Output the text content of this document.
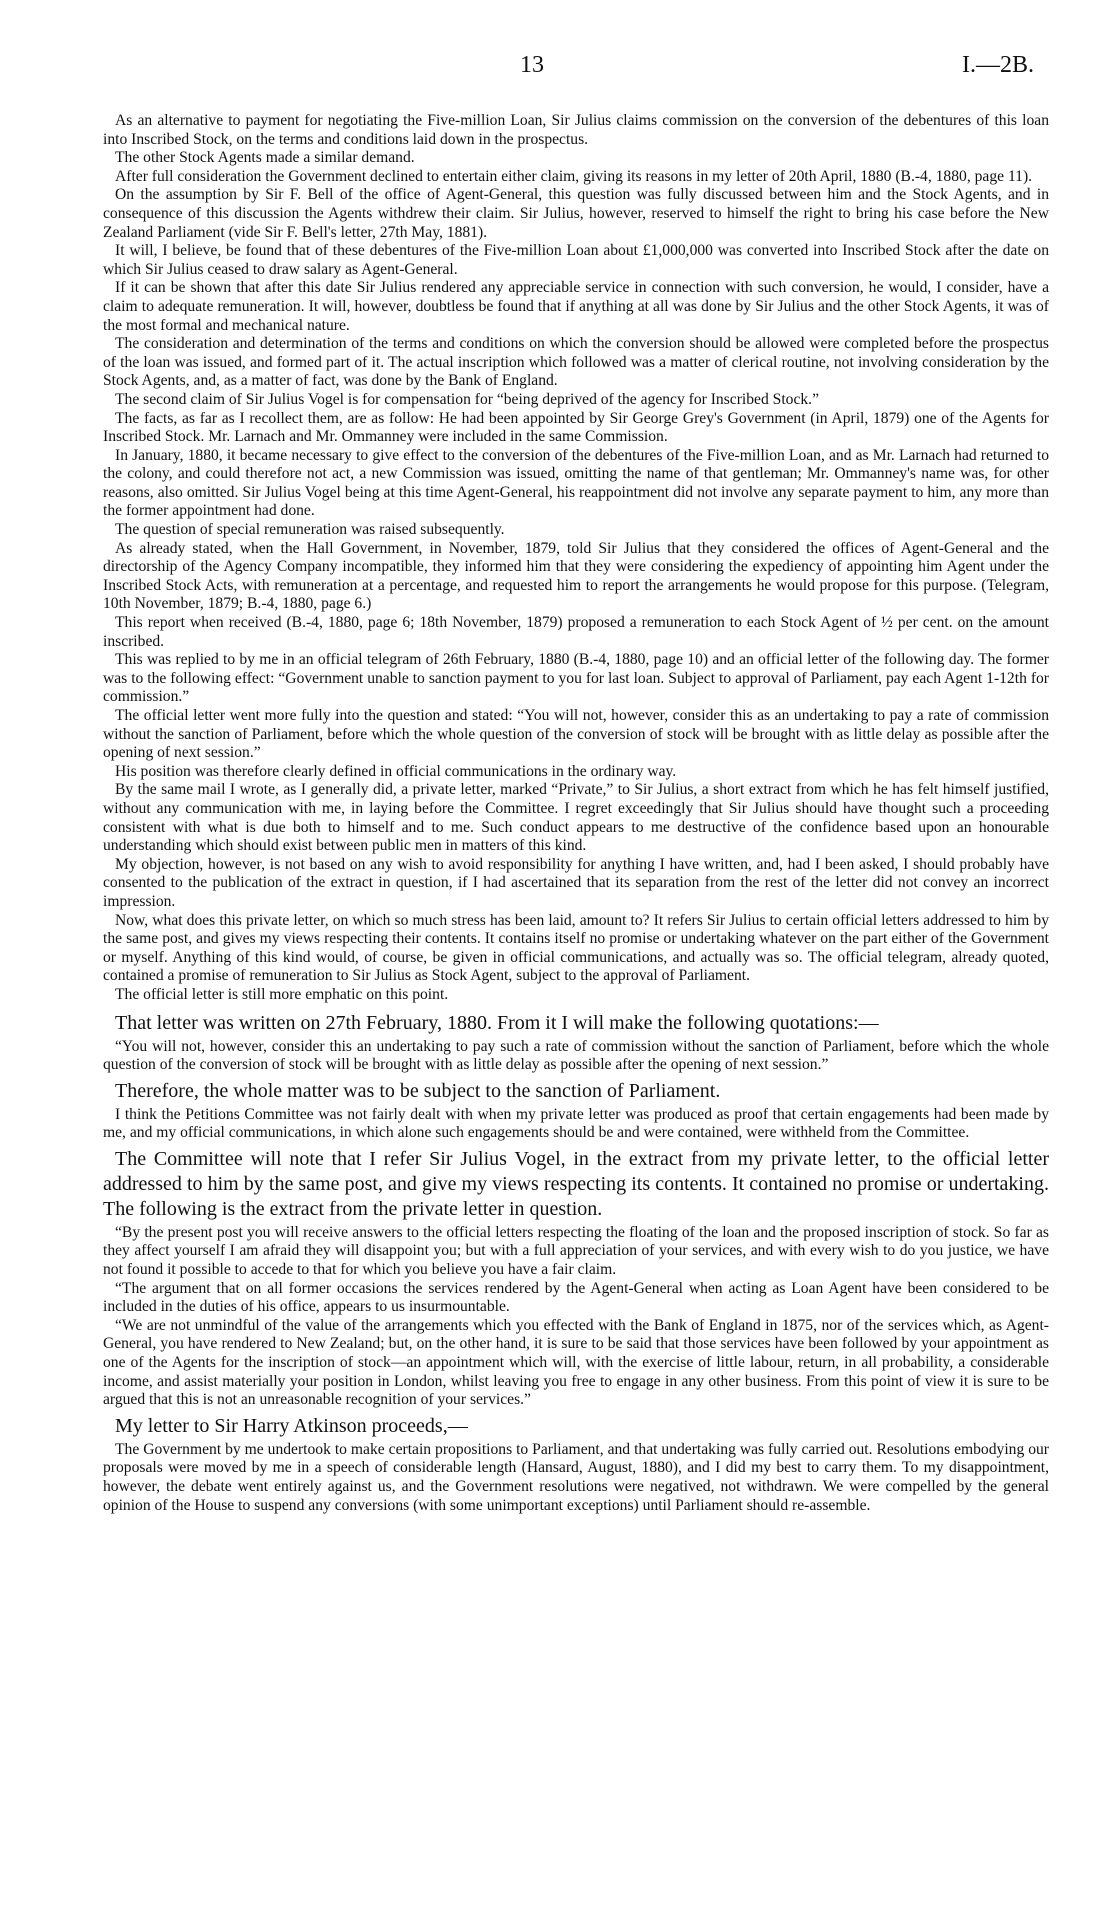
13	I.—2B.

As an alternative to payment for negotiating the Five-million Loan, Sir Julius claims commission on the conversion of the debentures of this loan into Inscribed Stock, on the terms and conditions laid down in the prospectus.

The other Stock Agents made a similar demand.

After full consideration the Government declined to entertain either claim, giving its reasons in my letter of 20th April, 1880 (B.-4, 1880, page 11).

On the assumption by Sir F. Bell of the office of Agent-General, this question was fully discussed between him and the Stock Agents, and in consequence of this discussion the Agents withdrew their claim. Sir Julius, however, reserved to himself the right to bring his case before the New Zealand Parliament (vide Sir F. Bell's letter, 27th May, 1881).

It will, I believe, be found that of these debentures of the Five-million Loan about £1,000,000 was converted into Inscribed Stock after the date on which Sir Julius ceased to draw salary as Agent-General.

If it can be shown that after this date Sir Julius rendered any appreciable service in connection with such conversion, he would, I consider, have a claim to adequate remuneration. It will, however, doubtless be found that if anything at all was done by Sir Julius and the other Stock Agents, it was of the most formal and mechanical nature.

The consideration and determination of the terms and conditions on which the conversion should be allowed were completed before the prospectus of the loan was issued, and formed part of it. The actual inscription which followed was a matter of clerical routine, not involving consideration by the Stock Agents, and, as a matter of fact, was done by the Bank of England.

The second claim of Sir Julius Vogel is for compensation for “being deprived of the agency for Inscribed Stock.”

The facts, as far as I recollect them, are as follow: He had been appointed by Sir George Grey's Government (in April, 1879) one of the Agents for Inscribed Stock. Mr. Larnach and Mr. Ommanney were included in the same Commission.

In January, 1880, it became necessary to give effect to the conversion of the debentures of the Five-million Loan, and as Mr. Larnach had returned to the colony, and could therefore not act, a new Commission was issued, omitting the name of that gentleman; Mr. Ommanney's name was, for other reasons, also omitted. Sir Julius Vogel being at this time Agent-General, his reappointment did not involve any separate payment to him, any more than the former appointment had done.

The question of special remuneration was raised subsequently.

As already stated, when the Hall Government, in November, 1879, told Sir Julius that they considered the offices of Agent-General and the directorship of the Agency Company incompatible, they informed him that they were considering the expediency of appointing him Agent under the Inscribed Stock Acts, with remuneration at a percentage, and requested him to report the arrangements he would propose for this purpose. (Telegram, 10th November, 1879; B.-4, 1880, page 6.)

This report when received (B.-4, 1880, page 6; 18th November, 1879) proposed a remuneration to each Stock Agent of ½ per cent. on the amount inscribed.

This was replied to by me in an official telegram of 26th February, 1880 (B.-4, 1880, page 10) and an official letter of the following day. The former was to the following effect: “Government unable to sanction payment to you for last loan. Subject to approval of Parliament, pay each Agent 1-12th for commission.”

The official letter went more fully into the question and stated: “You will not, however, consider this as an undertaking to pay a rate of commission without the sanction of Parliament, before which the whole question of the conversion of stock will be brought with as little delay as possible after the opening of next session.”

His position was therefore clearly defined in official communications in the ordinary way.

By the same mail I wrote, as I generally did, a private letter, marked “Private,” to Sir Julius, a short extract from which he has felt himself justified, without any communication with me, in laying before the Committee. I regret exceedingly that Sir Julius should have thought such a proceeding consistent with what is due both to himself and to me. Such conduct appears to me destructive of the confidence based upon an honourable understanding which should exist between public men in matters of this kind.

My objection, however, is not based on any wish to avoid responsibility for anything I have written, and, had I been asked, I should probably have consented to the publication of the extract in question, if I had ascertained that its separation from the rest of the letter did not convey an incorrect impression.

Now, what does this private letter, on which so much stress has been laid, amount to? It refers Sir Julius to certain official letters addressed to him by the same post, and gives my views respecting their contents. It contains itself no promise or undertaking whatever on the part either of the Government or myself. Anything of this kind would, of course, be given in official communications, and actually was so. The official telegram, already quoted, contained a promise of remuneration to Sir Julius as Stock Agent, subject to the approval of Parliament.

The official letter is still more emphatic on this point.

That letter was written on 27th February, 1880. From it I will make the following quotations:—

“You will not, however, consider this an undertaking to pay such a rate of commission without the sanction of Parliament, before which the whole question of the conversion of stock will be brought with as little delay as possible after the opening of next session.”

Therefore, the whole matter was to be subject to the sanction of Parliament.

I think the Petitions Committee was not fairly dealt with when my private letter was produced as proof that certain engagements had been made by me, and my official communications, in which alone such engagements should be and were contained, were withheld from the Committee.

The Committee will note that I refer Sir Julius Vogel, in the extract from my private letter, to the official letter addressed to him by the same post, and give my views respecting its contents. It contained no promise or undertaking. The following is the extract from the private letter in question.

“By the present post you will receive answers to the official letters respecting the floating of the loan and the proposed inscription of stock. So far as they affect yourself I am afraid they will disappoint you; but with a full appreciation of your services, and with every wish to do you justice, we have not found it possible to accede to that for which you believe you have a fair claim.

“The argument that on all former occasions the services rendered by the Agent-General when acting as Loan Agent have been considered to be included in the duties of his office, appears to us insurmountable.

“We are not unmindful of the value of the arrangements which you effected with the Bank of England in 1875, nor of the services which, as Agent-General, you have rendered to New Zealand; but, on the other hand, it is sure to be said that those services have been followed by your appointment as one of the Agents for the inscription of stock—an appointment which will, with the exercise of little labour, return, in all probability, a considerable income, and assist materially your position in London, whilst leaving you free to engage in any other business. From this point of view it is sure to be argued that this is not an unreasonable recognition of your services.”

My letter to Sir Harry Atkinson proceeds,—

The Government by me undertook to make certain propositions to Parliament, and that undertaking was fully carried out. Resolutions embodying our proposals were moved by me in a speech of considerable length (Hansard, August, 1880), and I did my best to carry them. To my disappointment, however, the debate went entirely against us, and the Government resolutions were negatived, not withdrawn. We were compelled by the general opinion of the House to suspend any conversions (with some unimportant exceptions) until Parliament should re-assemble.
